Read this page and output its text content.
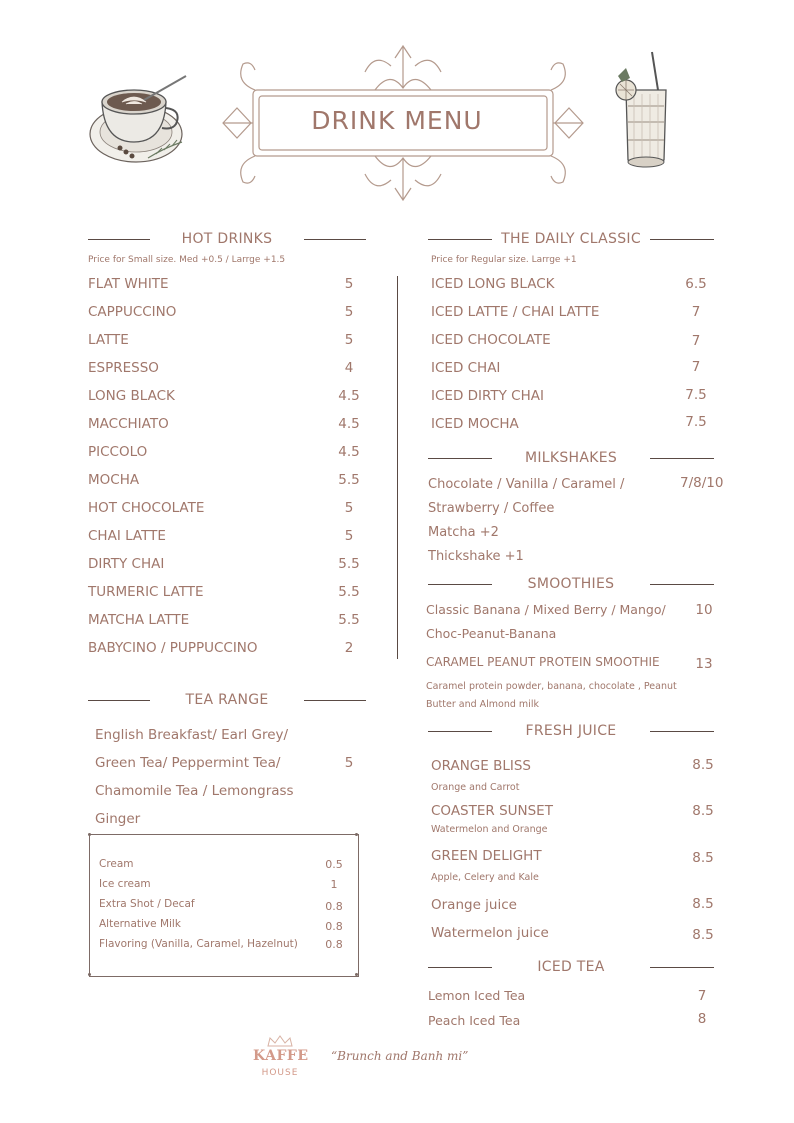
DRINK MENU
HOT DRINKS
Price for Small size. Med +0.5 / Larrge +1.5
FLAT WHITE	5
CAPPUCCINO	5
LATTE	5
ESPRESSO	4
LONG BLACK	4.5
MACCHIATO	4.5
PICCOLO	4.5
MOCHA	5.5
HOT CHOCOLATE	5
CHAI LATTE	5
DIRTY CHAI	5.5
TURMERIC LATTE	5.5
MATCHA LATTE	5.5
BABYCINO / PUPPUCCINO	2
TEA RANGE
English Breakfast/ Earl Grey/
Green Tea/ Peppermint Tea/	5
Chamomile Tea / Lemongrass
Ginger
Cream	0.5
Ice cream	1
Extra Shot / Decaf	0.8
Alternative Milk	0.8
Flavoring (Vanilla, Caramel, Hazelnut)	0.8
THE DAILY CLASSIC
Price for Regular size. Larrge +1
ICED LONG BLACK	6.5
ICED LATTE / CHAI LATTE	7
ICED CHOCOLATE	7
ICED CHAI	7
ICED DIRTY CHAI	7.5
ICED MOCHA	7.5
MILKSHAKES
Chocolate / Vanilla / Caramel /	7/8/10
Strawberry / Coffee
Matcha +2
Thickshake +1
SMOOTHIES
Classic Banana / Mixed Berry / Mango/	10
Choc-Peanut-Banana
CARAMEL PEANUT PROTEIN SMOOTHIE	13
Caramel protein powder, banana, chocolate , Peanut
Butter and Almond milk
FRESH JUICE
ORANGE BLISS	8.5
Orange and Carrot
COASTER SUNSET	8.5
Watermelon and Orange
GREEN DELIGHT	8.5
Apple, Celery and Kale
Orange juice	8.5
Watermelon juice	8.5
ICED TEA
Lemon Iced Tea	7
Peach Iced Tea	8
KAFFE
HOUSE
“Brunch and Banh mi”
